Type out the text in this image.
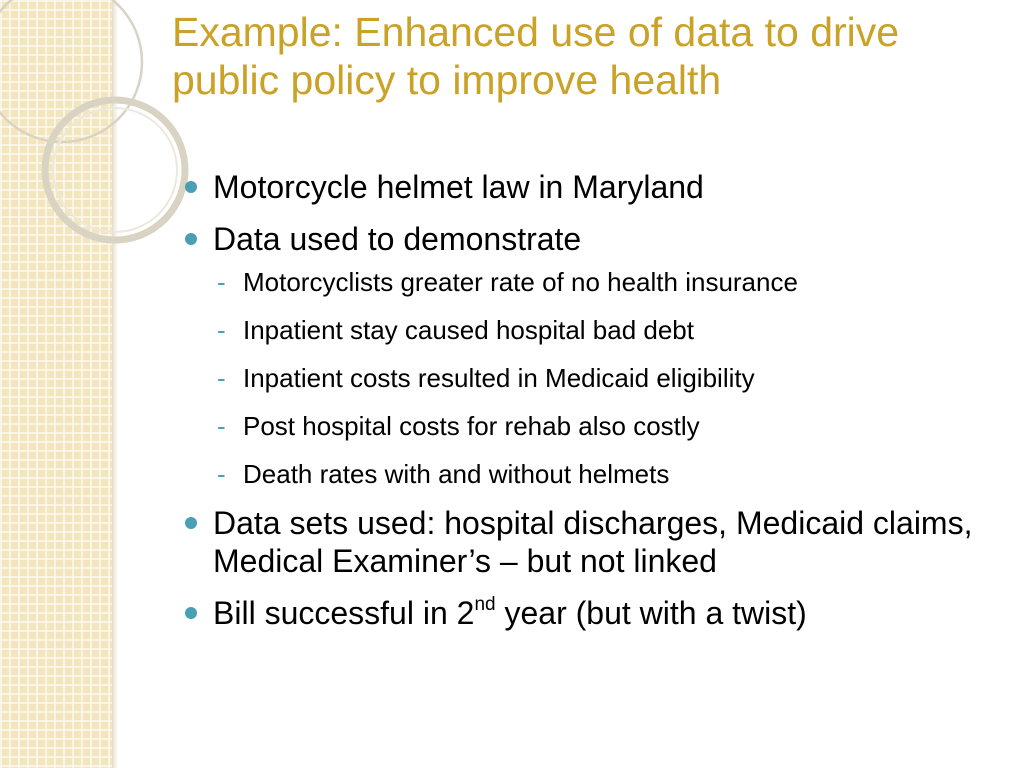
Example: Enhanced use of data to drive public policy to improve health
Motorcycle helmet law in Maryland
Data used to demonstrate
- Motorcyclists greater rate of no health insurance
- Inpatient stay caused hospital bad debt
- Inpatient costs resulted in Medicaid eligibility
- Post hospital costs for rehab also costly
- Death rates with and without helmets
Data sets used: hospital discharges, Medicaid claims, Medical Examiner’s – but not linked
Bill successful in 2nd year (but with a twist)
